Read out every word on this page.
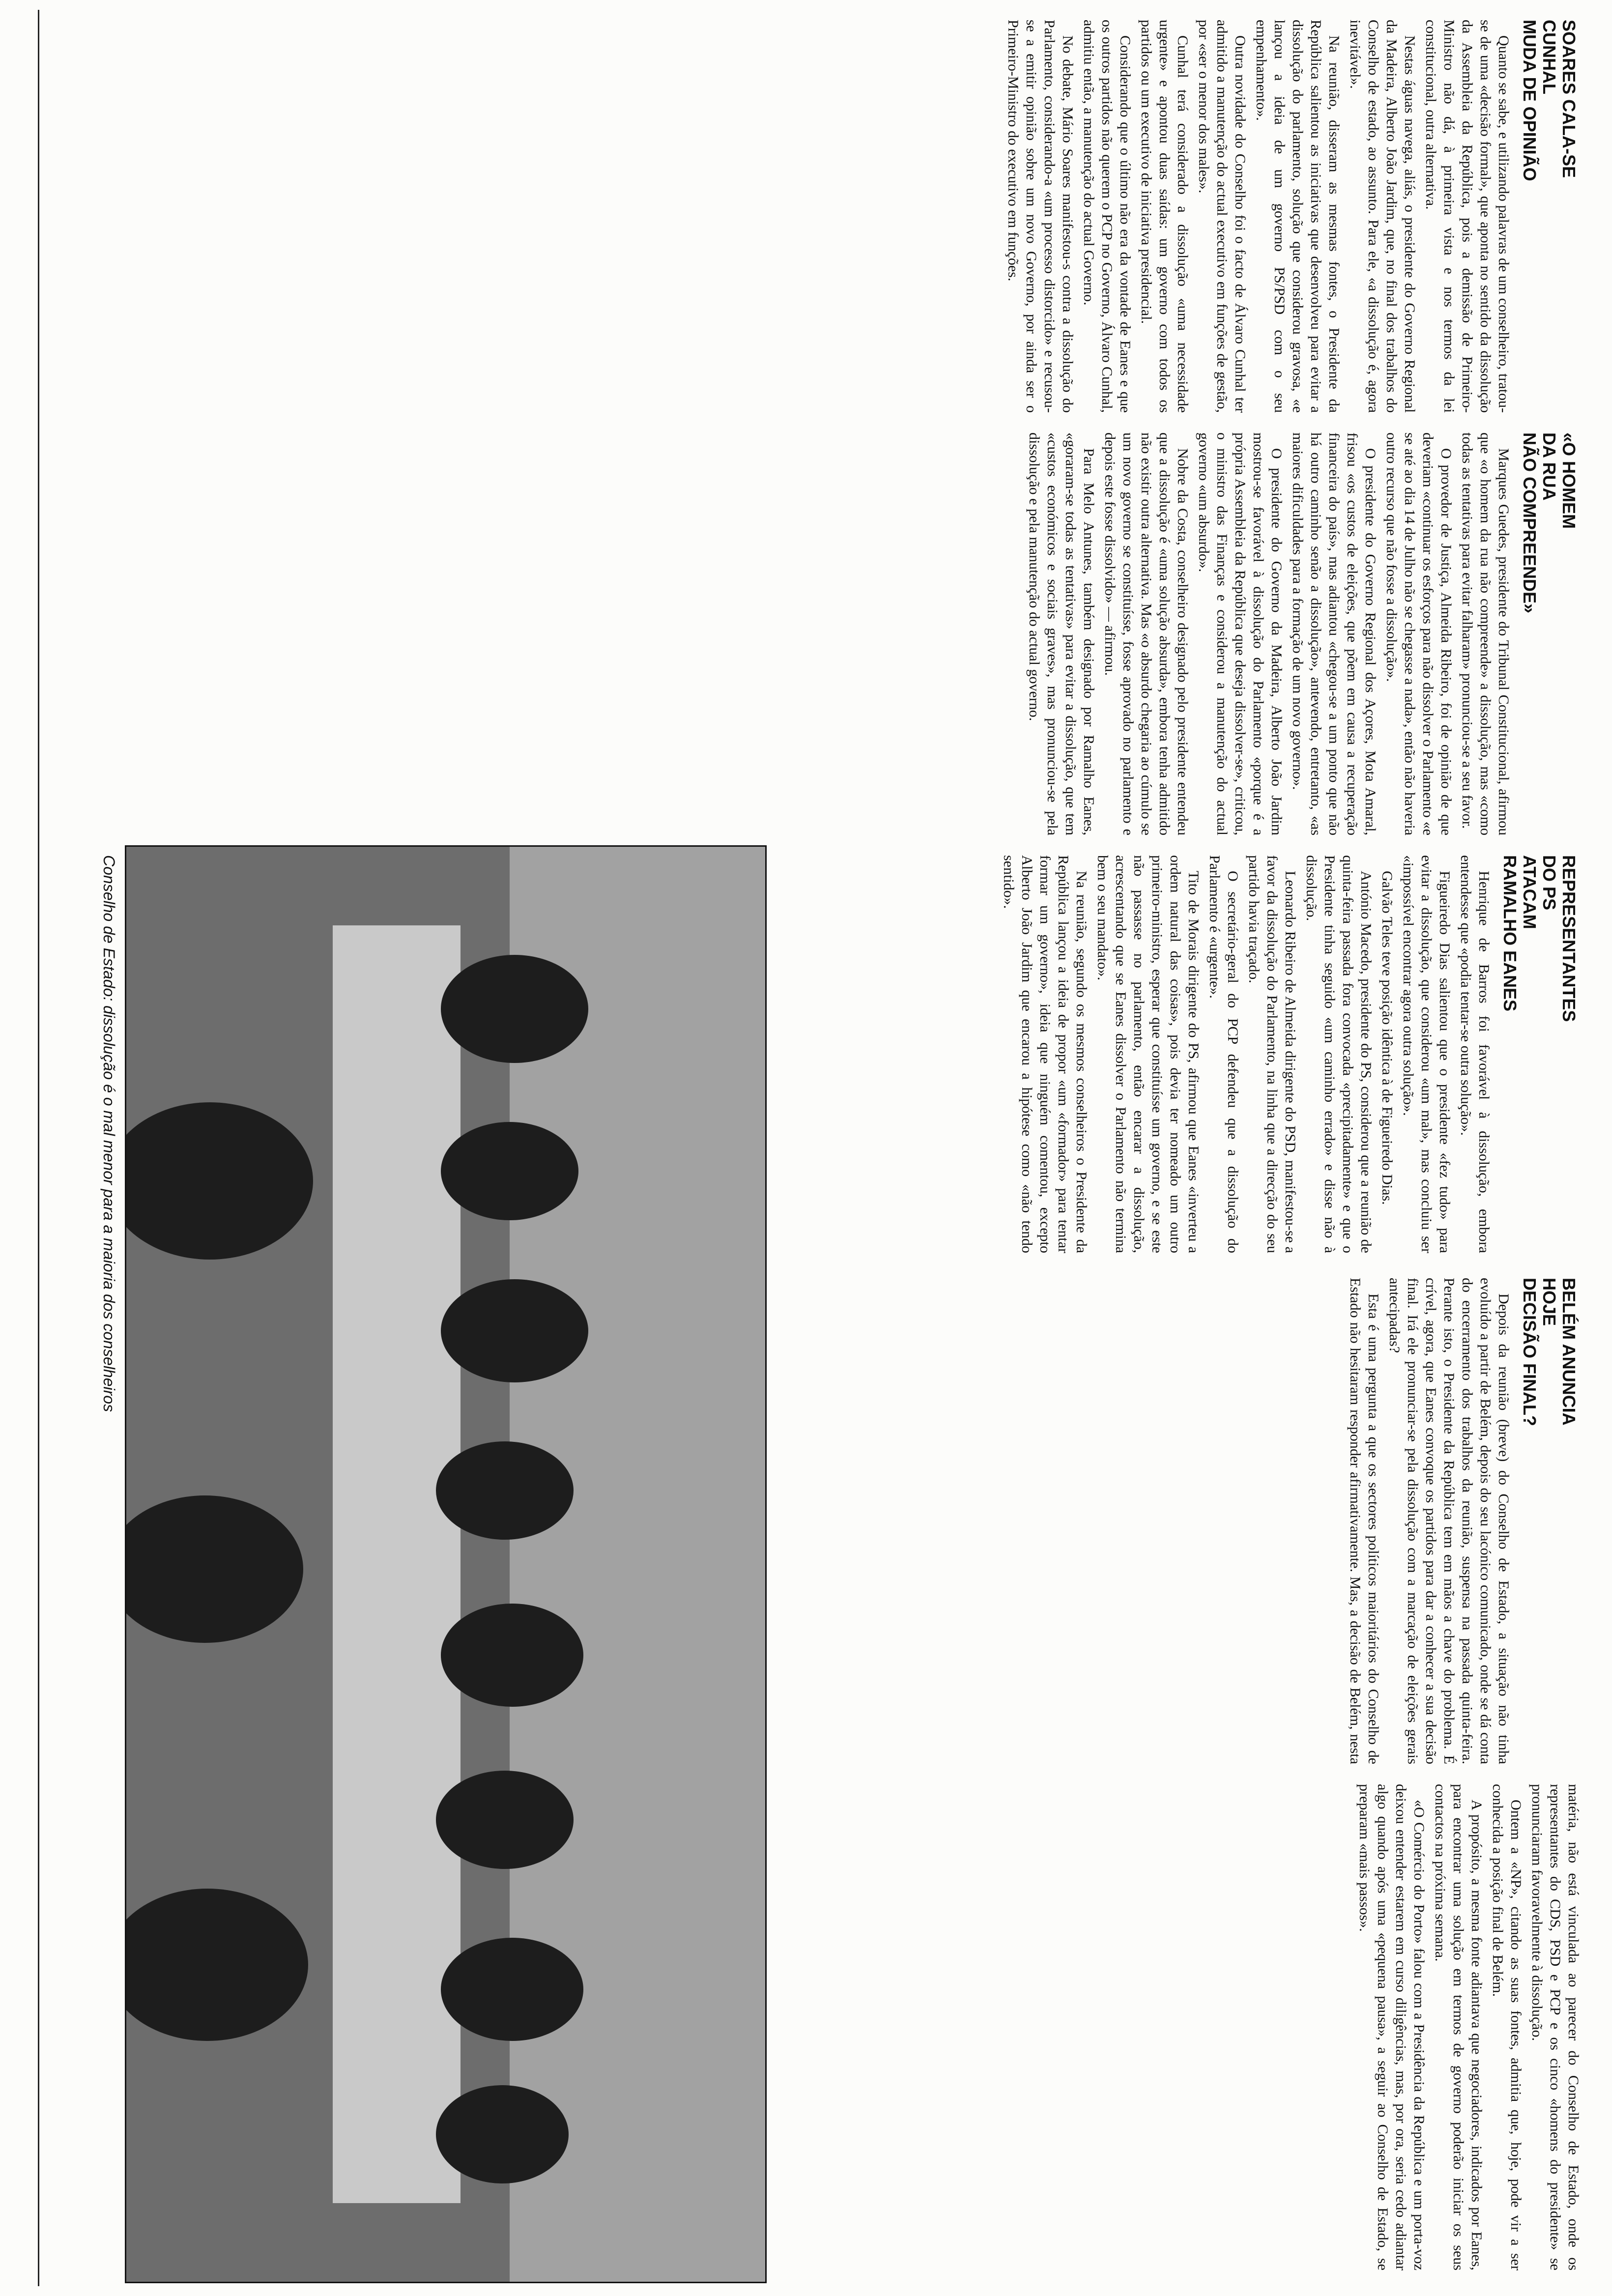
SOARES CALA-SE
CUNHAL
MUDA DE OPINIÃO

Quanto se sabe, e utilizando palavras de um conselheiro, tratou-se de uma «decisão formal», que aponta no sentido da dissolução da Assembleia da República, pois a demissão de Primeiro-Ministro não dá, à primeira vista e nos termos da lei constitucional, outra alternativa.

Nestas águas navega, aliás, o presidente do Governo Regional da Madeira, Alberto João Jardim, que, no final dos trabalhos do Conselho de estado, ao assunto. Para ele, «a dissolução é, agora inevitável».

Na reunião, disseram as mesmas fontes, o Presidente da República salientou as iniciativas que desenvolveu para evitar a dissolução do parlamento, solução que considerou gravosa, «e lançou a ideia de um governo PS/PSD com o seu empenhamento».

Outra novidade do Conselho foi o facto de Álvaro Cunhal ter admitido a manutenção do actual executivo em funções de gestão, por «ser o menor dos males».

Cunhal terá considerado a dissolução «uma necessidade urgente» e apontou duas saídas: um governo com todos os partidos ou um executivo de iniciativa presidencial.

Considerando que o último não era da vontade de Eanes e que os outros partidos não querem o PCP no Governo, Álvaro Cunhal, admitiu então, a manutenção do actual Governo.

No debate, Mário Soares manifestou-s contra a dissolução do Parlamento, considerando-a «um processo distorcido» e recusou-se a emitir opinião sobre um novo Governo, por ainda ser o Primeiro-Ministro do executivo em funções.

«O HOMEM
DA RUA
NÃO COMPREENDE»

Marques Guedes, presidente do Tribunal Constitucional, afirmou que «o homem da rua não compreende» a dissolução, mas «como todas as tentativas para evitar falharam» pronunciou-se a seu favor.

O provedor de Justiça, Almeida Ribeiro, foi de opinião de que deveriam «continuar os esforços para não dissolver o Parlamento «e se até ao dia 14 de Julho não se chegasse a nada», então não haveria outro recurso que não fosse a dissolução».

O presidente do Governo Regional dos Açores, Mota Amaral, frisou «os custos de eleições, que põem em causa a recuperação financeira do país», mas adiantou «chegou-se a um ponto que não há outro caminho senão a dissolução», antevendo, entretanto, «as maiores dificuldades para a formação de um novo governo».

O presidente do Governo da Madeira, Alberto João Jardim mostrou-se favorável à dissolução do Parlamento «porque é a própria Assembleia da República que deseja dissolver-se», criticou, o ministro das Finanças e considerou a manutenção do actual governo «um absurdo».

Nobre da Costa, conselheiro designado pelo presidente entendeu que a dissolução é «uma solução absurda», embora tenha admitido não existir outra alternativa. Mas «o absurdo chegaria ao cúmulo se um novo governo se constituísse, fosse aprovado no parlamento e depois este fosse dissolvido» — afirmou.

Para Melo Antunes, também designado por Ramalho Eanes, «goraram-se todas as tentativas» para evitar a dissolução, que tem «custos económicos e sociais graves», mas pronunciou-se pela dissolução e pela manutenção do actual governo.

REPRESENTANTES
DO PS
ATACAM
RAMALHO EANES

Henrique de Barros foi favorável à dissolução, embora entendesse que «podia tentar-se outra solução».

Figueiredo Dias salientou que o presidente «fez tudo» para evitar a dissolução, que considerou «um mal», mas concluiu ser «impossível encontrar agora outra solução».

Galvão Teles teve posição idêntica à de Figueiredo Dias.

António Macedo, presidente do PS, considerou que a reunião de quinta-feira passada fora convocada «precipitadamente» e que o Presidente tinha seguido «um caminho errado» e disse não à dissolução.

Leonardo Ribeiro de Almeida dirigente do PSD, manifestou-se a favor da dissolução do Parlamento, na linha que a direcção do seu partido havia traçado.

O secretário-geral do PCP defendeu que a dissolução do Parlamento é «urgente».

Tito de Morais dirigente do PS, afirmou que Eanes «inverteu a ordem natural das coisas», pois devia ter nomeado um outro primeiro-ministro, esperar que constituísse um governo, e se este não passasse no parlamento, então encarar a dissolução, acrescentando que se Eanes dissolver o Parlamento não termina bem o seu mandato».

Na reunião, segundo os mesmos conselheiros o Presidente da República lançou a ideia de propor «um «formador» para tentar formar um governo», ideia que ninguém comentou, excepto Alberto João Jardim que encarou a hipótese como «não tendo sentido».

BELÉM ANUNCIA
HOJE
DECISÃO FINAL?

Depois da reunião (breve) do Conselho de Estado, a situação não tinha evoluído a partir de Belém, depois do seu lacónico comunicado, onde se dá conta do encerramento dos trabalhos da reunião, suspensa na passada quinta-feira. Perante isto, o Presidente da República tem em mãos a chave do problema. É crível, agora, que Eanes convoque os partidos para dar a conhecer a sua decisão final. Irá ele pronunciar-se pela dissolução com a marcação de eleições gerais antecipadas?

Esta é uma pergunta a que os sectores políticos maioritários do Conselho de Estado não hesitaram responder afirmativamente. Mas, a decisão de Belém, nesta matéria, não está vinculada ao parecer do Conselho de Estado, onde os representantes do CDS, PSD e PCP e os cinco «homens do presidente» se pronunciaram favoravelmente à dissolução.

Ontem a «NP», citando as suas fontes, admitia que, hoje, pode vir a ser conhecida a posição final de Belém.

A propósito, a mesma fonte adiantava que negociadores, indicados por Eanes, para encontrar uma solução em termos de governo poderão iniciar os seus contactos na próxima semana.

«O Comércio do Porto» falou com a Presidência da República e um porta-voz deixou entender estarem em curso diligências, mas, por ora, seria cedo adiantar algo quando após uma «pequena pausa», a seguir ao Conselho de Estado, se preparam «mais passos».

Conselho de Estado: dissolução é o mal menor para a maioria dos conselheiros
